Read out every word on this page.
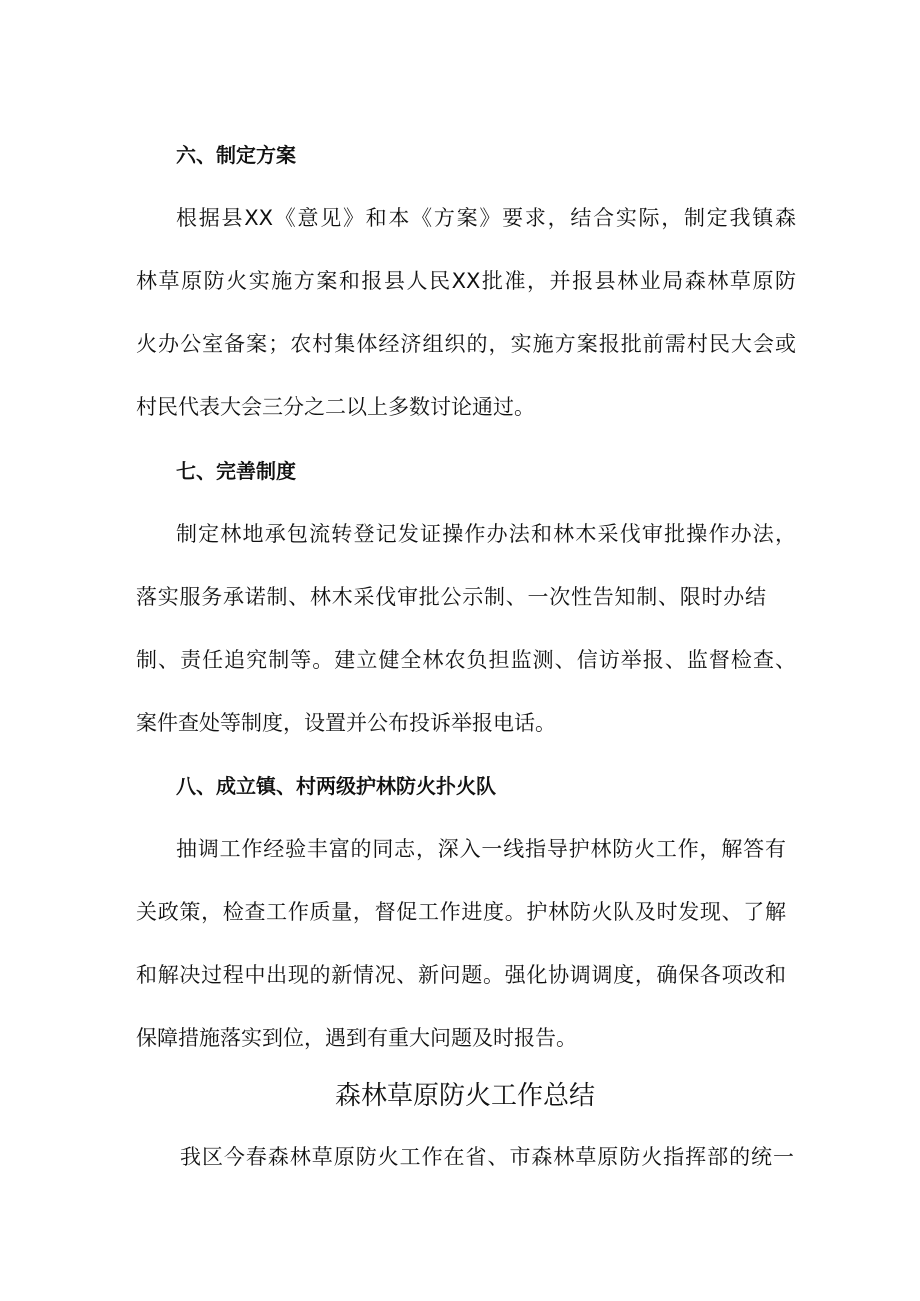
六、制定方案
根据县XX《意见》和本《方案》要求，结合实际，制定我镇森
林草原防火实施方案和报县人民XX批准，并报县林业局森林草原防
火办公室备案；农村集体经济组织的，实施方案报批前需村民大会或
村民代表大会三分之二以上多数讨论通过。
七、完善制度
制定林地承包流转登记发证操作办法和林木采伐审批操作办法，
落实服务承诺制、林木采伐审批公示制、一次性告知制、限时办结
制、责任追究制等。建立健全林农负担监测、信访举报、监督检查、
案件查处等制度，设置并公布投诉举报电话。
八、成立镇、村两级护林防火扑火队
抽调工作经验丰富的同志，深入一线指导护林防火工作，解答有
关政策，检查工作质量，督促工作进度。护林防火队及时发现、了解
和解决过程中出现的新情况、新问题。强化协调调度，确保各项改和
保障措施落实到位，遇到有重大问题及时报告。
森林草原防火工作总结
我区今春森林草原防火工作在省、市森林草原防火指挥部的统一
